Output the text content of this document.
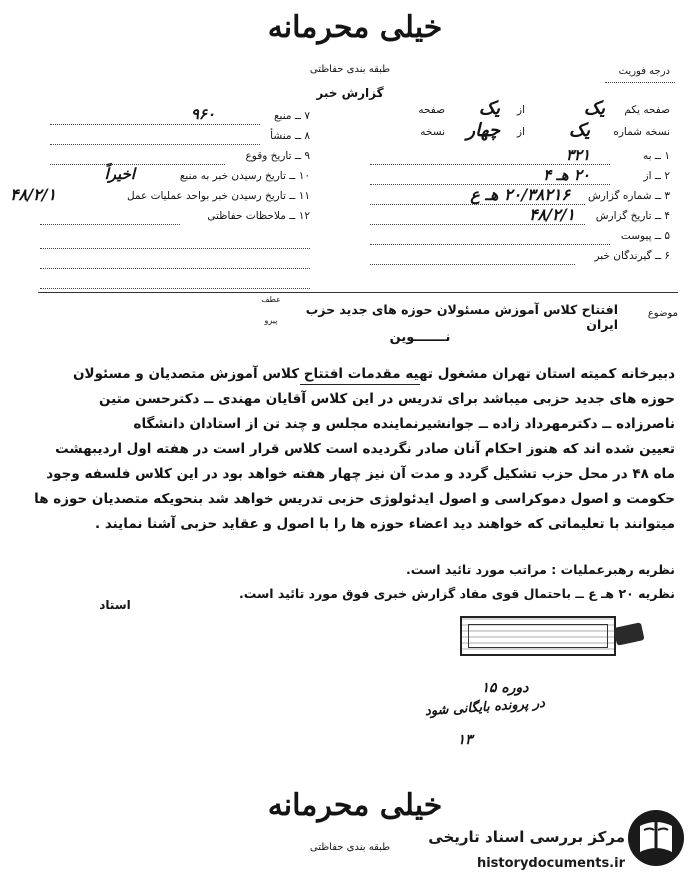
خیلی محرمانه
طبقه بندی حفاظتی	درجه فوریت
گزارش خبر
صفحه یکم
یک
از
یک
صفحه
نسخه شماره
یک
از
چهار
نسخه
۱ ــ به
۳۲۱
۲ ــ از
۲۰ هـ ۴
۳ ــ شماره گزارش
۲۰/۳۸۲۱۶ هـ ع
۴ ــ تاریخ گزارش
۴۸/۲/۱
۵ ــ پیوست
۶ ــ گیرندگان خبر
۷ ــ منبع
۹۶۰
۸ ــ منشأ
۹ ــ تاریخ وقوع
۱۰ ــ تاریخ رسیدن خبر به منبع
اخیراً
۱۱ ــ تاریخ رسیدن خبر بواحد عملیات عمل
۴۸/۲/۱
۱۲ ــ ملاحظات حفاظتی
موضوع
افتتاح کلاس آموزش مسئولان حوزه های جدید حزب ایران
عطف
پیرو
نـــــــوین
دبیرخانه کمیته استان تهران مشغول تهیه مقدمات افتتاح کلاس آموزش متصدیان و مسئولان
حوزه های جدید حزبی میباشد برای تدریس در این کلاس آقایان مهندی ــ دکترحسن متین
ناصرزاده ــ دکترمهرداد زاده ــ جوانشیرنماینده مجلس و چند تن از استادان دانشگاه
تعیین شده اند که هنوز احکام آنان صادر نگردیده است کلاس قرار است در هفته اول اردیبهشت
ماه ۴۸ در محل حزب تشکیل گردد و مدت آن نیز چهار هفته خواهد بود در این کلاس فلسفه وجود
حکومت و اصول دموکراسی و اصول ایدئولوژی حزبی تدریس خواهد شد بنحویکه متصدیان حوزه ها
میتوانند با تعلیماتی که خواهند دید اعضاء حوزه ها را با اصول و عقاید حزبی آشنا نمایند .
نظریه رهبرعملیات : مراتب مورد تائید است.
نظریه ۲۰ هـ ع ــ باحتمال قوی مفاد گزارش خبری فوق مورد تائید است.
استاد
دوره ۱۵
در پرونده بایگانی شود
۱۳
خیلی محرمانه
طبقه بندی حفاظتی
مرکز بررسی اسناد تاریخی
historydocuments.ir
